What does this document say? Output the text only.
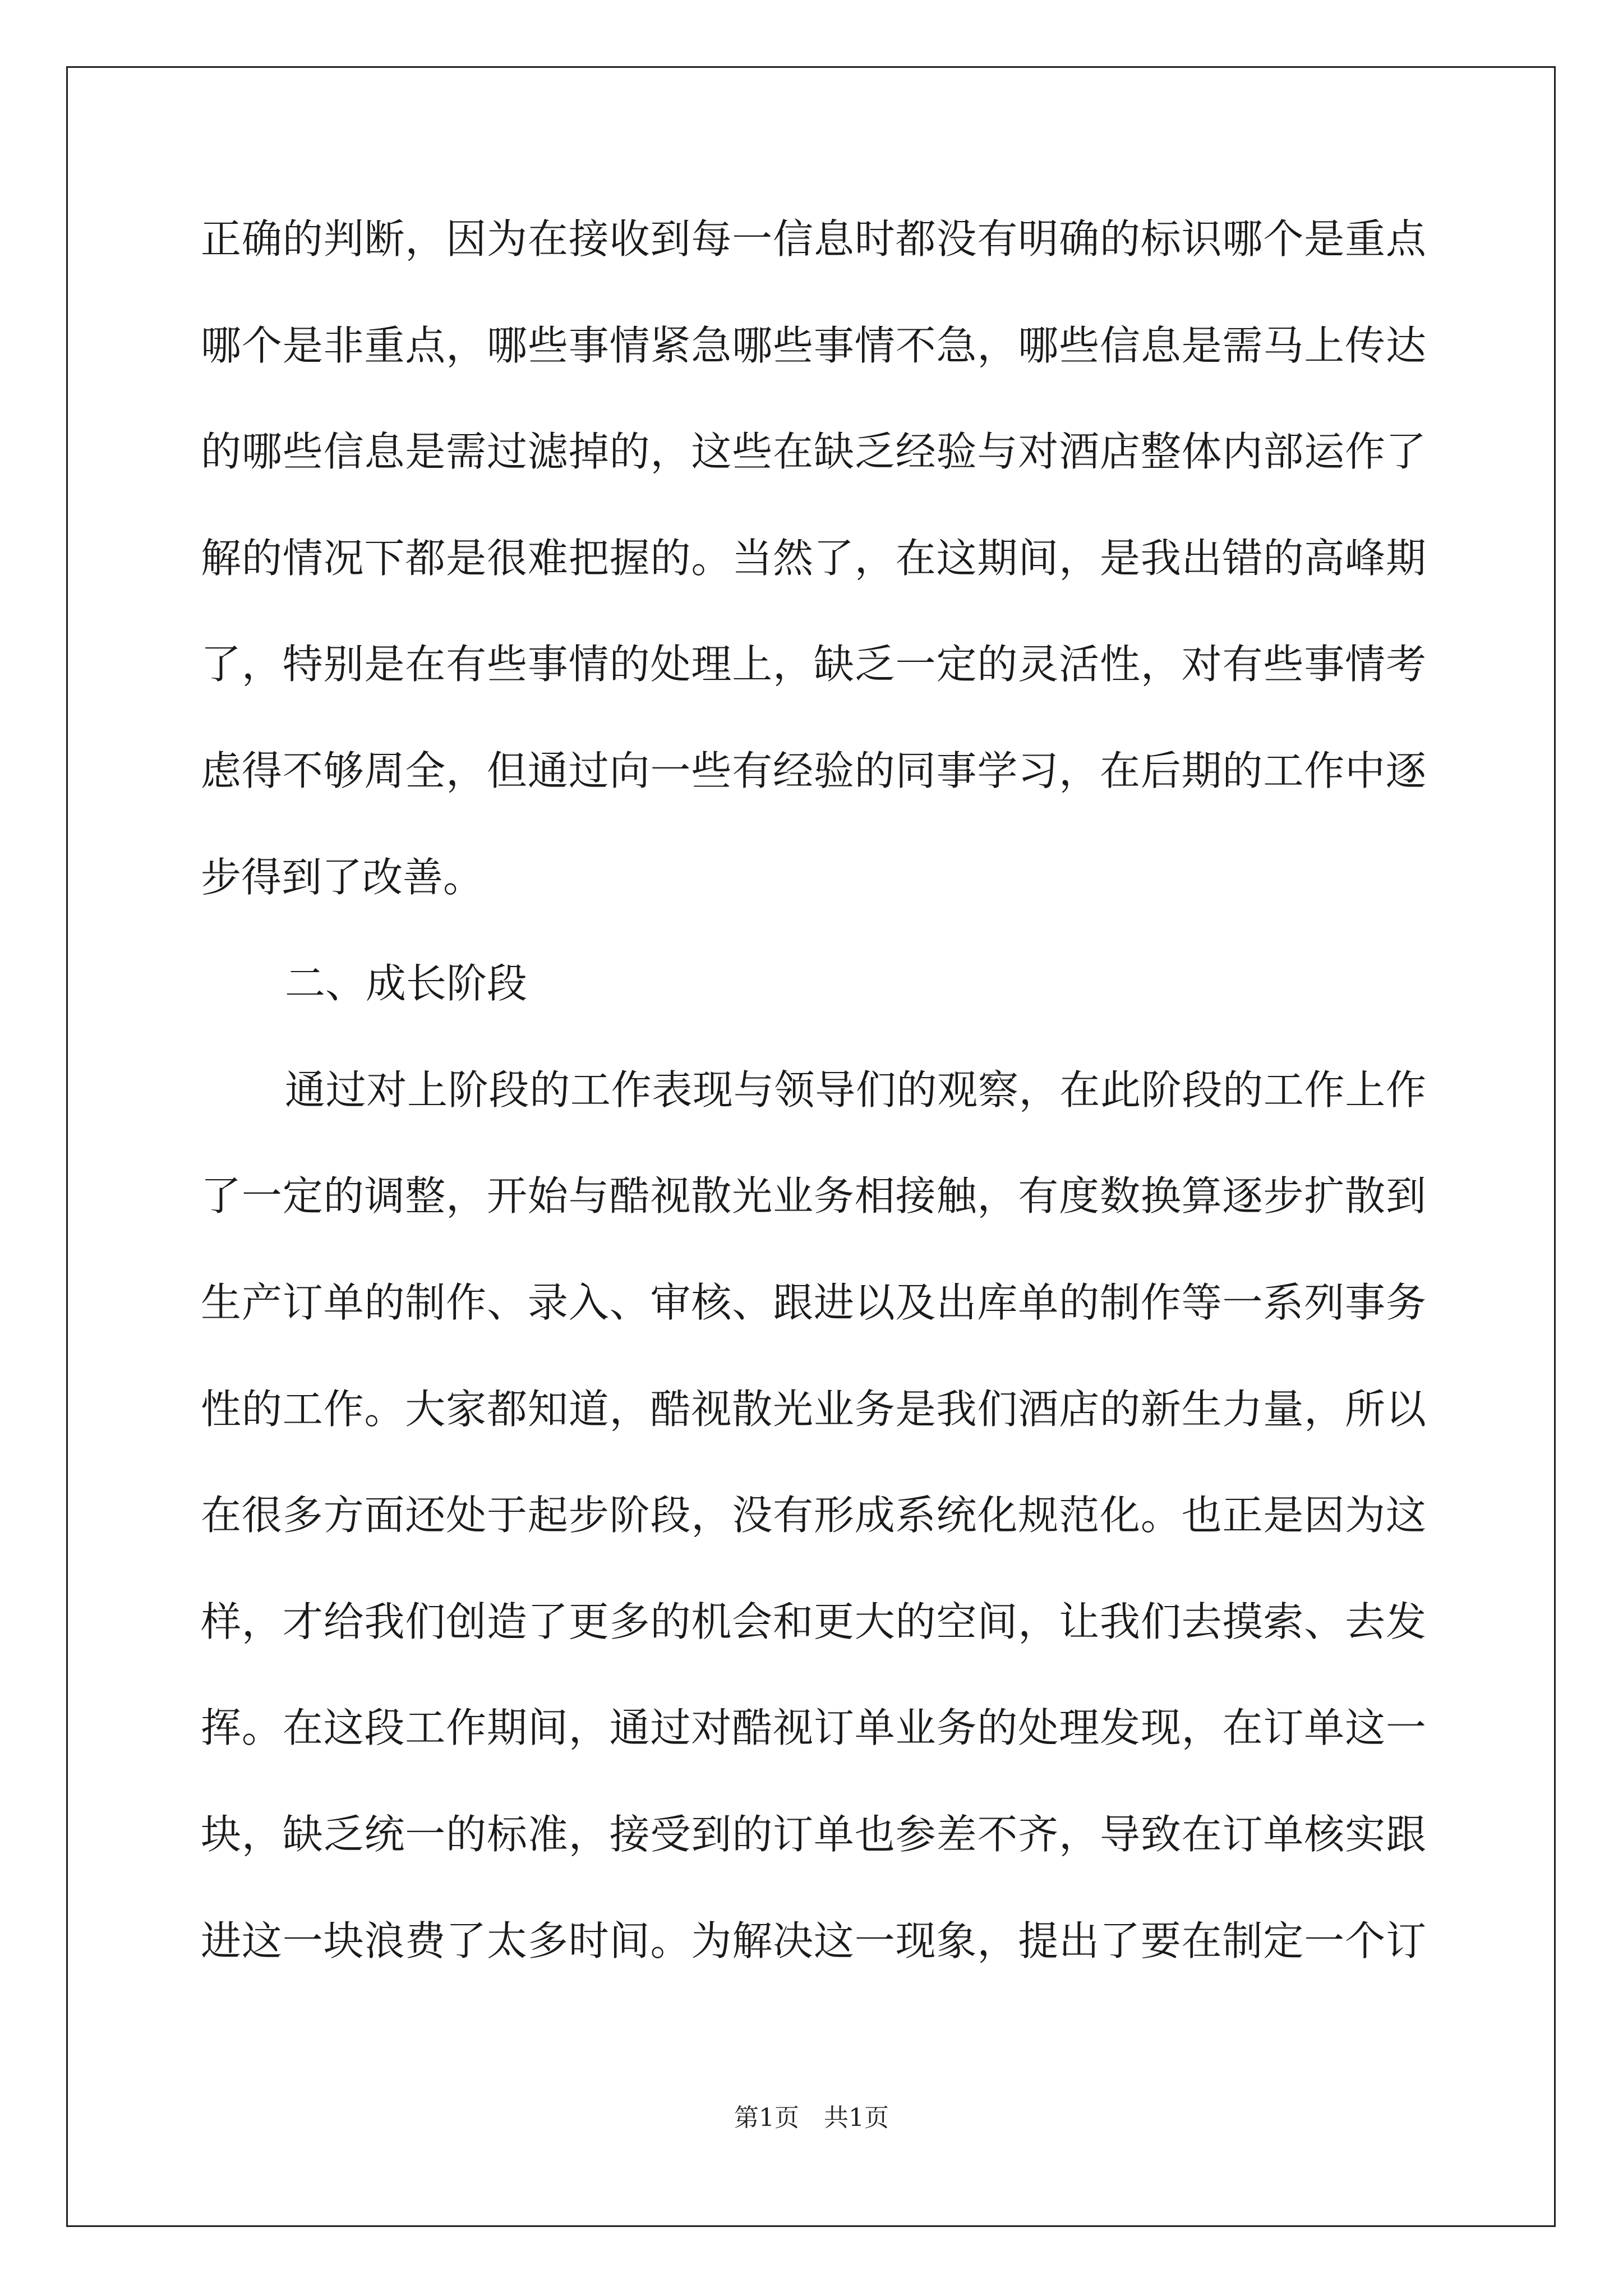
正确的判断，因为在接收到每一信息时都没有明确的标识哪个是重点
哪个是非重点，哪些事情紧急哪些事情不急，哪些信息是需马上传达
的哪些信息是需过滤掉的，这些在缺乏经验与对酒店整体内部运作了
解的情况下都是很难把握的。当然了，在这期间，是我出错的高峰期
了，特别是在有些事情的处理上，缺乏一定的灵活性，对有些事情考
虑得不够周全，但通过向一些有经验的同事学习，在后期的工作中逐
步得到了改善。
二、成长阶段
通过对上阶段的工作表现与领导们的观察，在此阶段的工作上作
了一定的调整，开始与酷视散光业务相接触，有度数换算逐步扩散到
生产订单的制作、录入、审核、跟进以及出库单的制作等一系列事务
性的工作。大家都知道，酷视散光业务是我们酒店的新生力量，所以
在很多方面还处于起步阶段，没有形成系统化规范化。也正是因为这
样，才给我们创造了更多的机会和更大的空间，让我们去摸索、去发
挥。在这段工作期间，通过对酷视订单业务的处理发现，在订单这一
块，缺乏统一的标准，接受到的订单也参差不齐，导致在订单核实跟
进这一块浪费了太多时间。为解决这一现象，提出了要在制定一个订
第1页　共1页
